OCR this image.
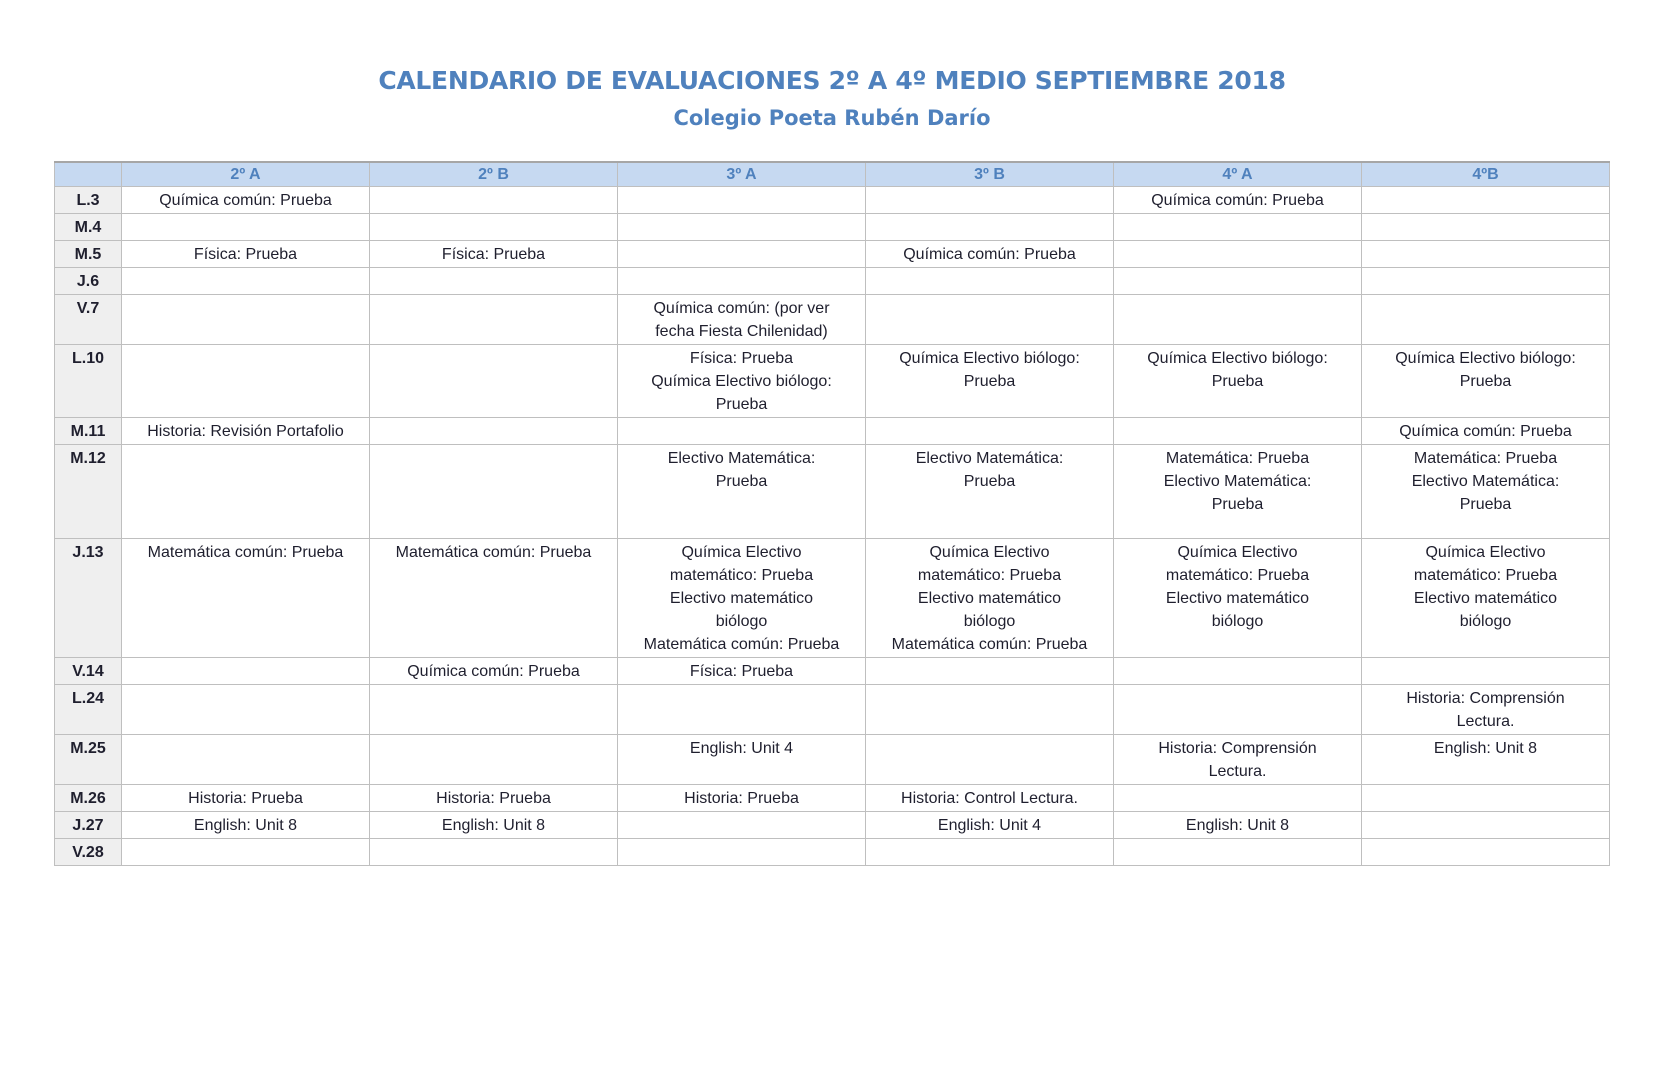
CALENDARIO DE EVALUACIONES 2º A 4º MEDIO SEPTIEMBRE 2018
Colegio Poeta Rubén Darío
	2º A	2º B	3º A	3º B	4º A	4ºB
L.3	Química común: Prueba				Química común: Prueba	

M.4						
M.5	Física: Prueba	Física: Prueba		Química común: Prueba		

J.6						
V.7			Química común: (por ver
fecha Fiesta Chilenidad)			

L.10			Física: Prueba
Química Electivo biólogo:
Prueba	Química Electivo biólogo:
Prueba	Química Electivo biólogo:
Prueba	Química Electivo biólogo:
Prueba

M.11	Historia: Revisión Portafolio					Química común: Prueba

M.12			Electivo Matemática:
Prueba	Electivo Matemática:
Prueba	Matemática: Prueba
Electivo Matemática:
Prueba	Matemática: Prueba
Electivo Matemática:
Prueba

J.13	Matemática común: Prueba	Matemática común: Prueba	Química Electivo
matemático: Prueba
Electivo matemático
biólogo
Matemática común: Prueba	Química Electivo
matemático: Prueba
Electivo matemático
biólogo
Matemática común: Prueba	Química Electivo
matemático: Prueba
Electivo matemático
biólogo	Química Electivo
matemático: Prueba
Electivo matemático
biólogo

V.14		Química común: Prueba	Física: Prueba			

L.24						Historia: Comprensión
Lectura.

M.25			English: Unit 4		Historia: Comprensión
Lectura.	English: Unit 8

M.26	Historia: Prueba	Historia: Prueba	Historia: Prueba	Historia: Control Lectura.		

J.27	English: Unit 8	English: Unit 8		English: Unit 4	English: Unit 8	

V.28						
